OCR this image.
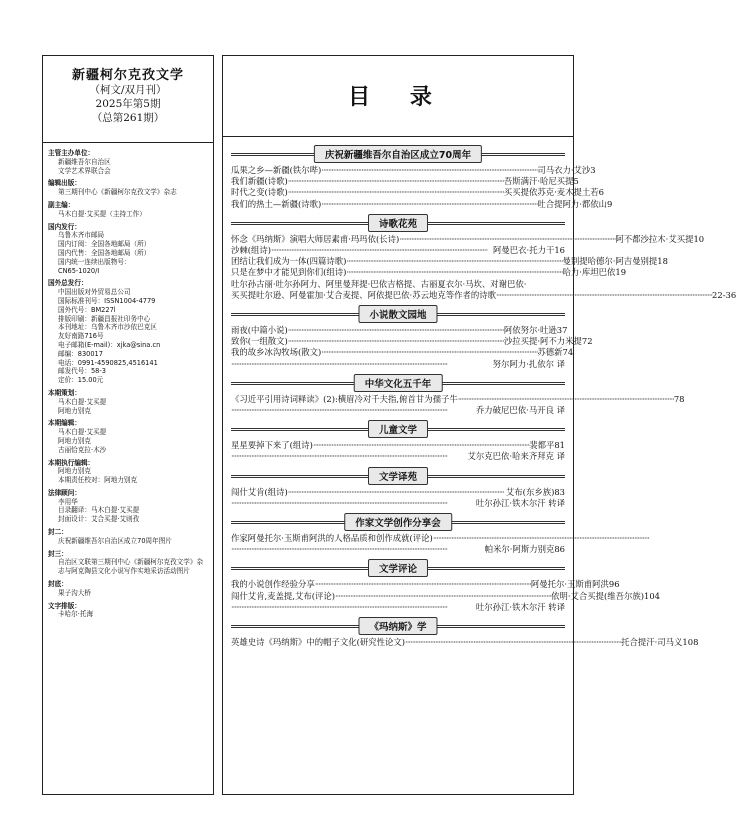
新疆柯尔克孜文学
（柯文/双月刊）
2025年第5期
（总第261期）
主管主办单位：
新疆维吾尔自治区
文学艺术界联合会
编辑出版：
第三期刊中心《新疆柯尔克孜文学》杂志
副主编：
马木白提·艾买提（主持工作）
国内发行：
乌鲁木齐市邮局
国内订阅：全国各地邮局（所）
国内代售：全国各地邮局（所）
国内统一连续出版物号：
CN65-1020/I
国外总发行：
中国出版对外贸易总公司
国际标准刊号：ISSN1004-4779
国外代号：BM227l
排版印刷：新疆昌报社印务中心
本刊地址：乌鲁木齐市沙依巴克区
友好南路716号
电子邮箱(E-mail)：xjka@sina.cn
邮编：830017
电话：0991-4590825,4516141
邮发代号：58-3
定价：15.00元
本期策划：
马木白提·艾买提
阿地力别克
本期编辑：
马木白提·艾买提
阿地力别克
古丽恰克拉·木沙
本期执行编辑：
阿地力别克
本期责任校对：阿地力别克
法律顾问：
李用华
目录翻译：马木白提·艾买提
封面设计：艾合买提·艾则孜
封二：
庆祝新疆维吾尔自治区成立70周年图片
封三：
自治区文联第三期刊中心《新疆柯尔克孜文学》杂志与阿克陶县文化小说写作实地采访活动图片
封底：
果子沟大桥
文字排版：
卡哈尔·托海
目 录
庆祝新疆维吾尔自治区成立70周年
瓜果之乡—新疆(铁尔哔) ·····	司马衣力·艾沙3
我们新疆(诗歌) ·····	吾斯满汗·哈尼买提5
时代之变(诗歌) ·····	买买提依苏克·麦木提土若6
我们的热土—新疆(诗歌) ·····	吐合提阿力·都依山9
诗歌花苑
怀念《玛纳斯》演唱大师居素甫·玛玛依(长诗) ·····	阿不都沙拉木·艾买提10
沙棘(组诗) ·····	阿曼巴衣·托力干16
团结让我们成为一体(四篇诗歌) ·····	曼别提哈德尔·阿吉曼别提18
只是在梦中才能见到你们(组诗) ·····	哈力·库坦巴依19
吐尔孙古丽·吐尔孙阿力、阿里曼拜提·巴依吉格提、古丽夏衣尔·马坎、对谢巴依·
买买提吐尔逊、阿曼霍加·艾合麦提、阿依提巴依·苏云地克等作者的诗歌 ·····	22-36
小说散文园地
雨夜(中篇小说) ·····	阿依努尔·吐逊37
致你(一组散文) ·····	沙拉买提·阿不力米提72
我的故乡冰沟牧场(散文) ·····	苏德新74
·····
努尔阿力·扎依尔 译
中华文化五千年
《习近平引用诗词释读》(2):横眉冷对千夫指,俯首甘为孺子牛 ·····	78
·····
乔力破尼巴依·马开良 译
儿童文学
星星要掉下来了(组诗) ·····	裴都平81
·····
艾尔克巴依·哈来齐拜克 译
文学译苑
闯什艾肯(组诗) ·····	艾布(东乡族)83
·····
吐尔孙江·铁木尔汗 转译
作家文学创作分享会
作家阿曼托尔·玉斯甫阿洪的人格品质和创作成就(评论)
·····
·····
帕米尔·阿斯力别克86
文学评论
我的小说创作经验分享 ·····	阿曼托尔·玉斯甫阿洪96
闯什艾肯,麦盖提,艾布(评论) ·····	依明·艾合买提(维吾尔族)104
·····
吐尔孙江·铁木尔汗 转译
《玛纳斯》学
英雄史诗《玛纳斯》中的帽子文化(研究性论文) ·····	托合提汗·司马义108
